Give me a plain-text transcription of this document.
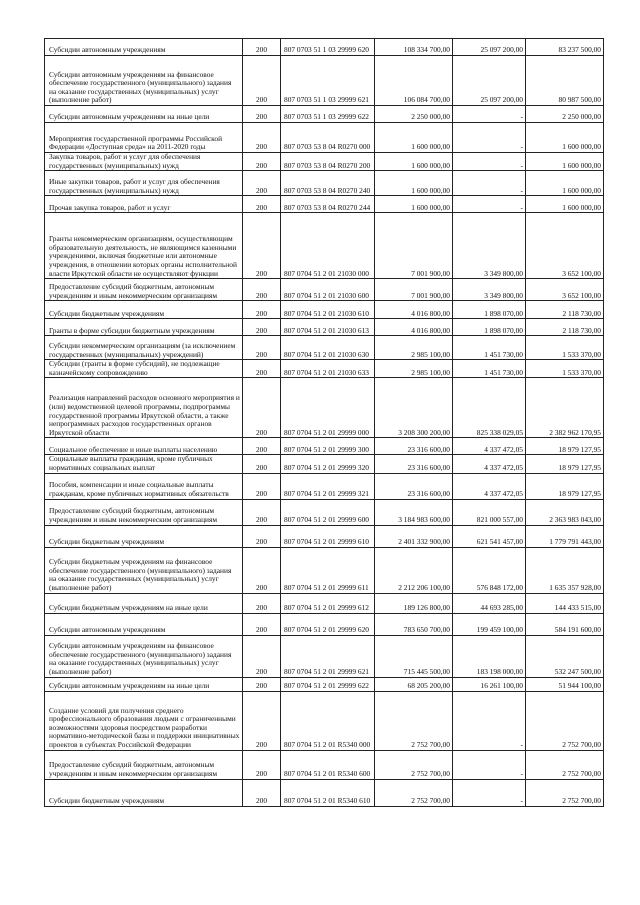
Субсидии автономным учреждениям	200	807 0703 51 1 03 29999 620	108 334 700,00	25 097 200,00	83 237 500,00
Субсидии автономным учреждениям на финансовое обеспечение государственного (муниципального) задания на оказание государственных (муниципальных) услуг (выполнение работ)	200	807 0703 51 1 03 29999 621	106 084 700,00	25 097 200,00	80 987 500,00
Субсидии автономным учреждениям на иные цели	200	807 0703 51 1 03 29999 622	2 250 000,00	-	2 250 000,00
Мероприятия государственной программы Российской Федерации «Доступная среда» на 2011-2020 годы	200	807 0703 53 8 04 R0270 000	1 600 000,00	-	1 600 000,00
Закупка товаров, работ и услуг для обеспечения государственных (муниципальных) нужд	200	807 0703 53 8 04 R0270 200	1 600 000,00	-	1 600 000,00
Иные закупки товаров, работ и услуг для обеспечения государственных (муниципальных) нужд	200	807 0703 53 8 04 R0270 240	1 600 000,00	-	1 600 000,00
Прочая закупка товаров, работ и услуг	200	807 0703 53 8 04 R0270 244	1 600 000,00	-	1 600 000,00
Гранты некоммерческим организациям, осуществляющим образовательную деятельность, не являющимся казенными учреждениями, включая бюджетные или автономные учреждения, в отношении которых органы исполнительной власти Иркутской области не осуществляют функции	200	807 0704 51 2 01 21030 000	7 001 900,00	3 349 800,00	3 652 100,00
Предоставление субсидий бюджетным, автономным учреждениям и иным некоммерческим организациям	200	807 0704 51 2 01 21030 600	7 001 900,00	3 349 800,00	3 652 100,00
Субсидии бюджетным учреждениям	200	807 0704 51 2 01 21030 610	4 016 800,00	1 898 070,00	2 118 730,00
Гранты в форме субсидии бюджетным учреждениям	200	807 0704 51 2 01 21030 613	4 016 800,00	1 898 070,00	2 118 730,00
Субсидии некоммерческим организациям (за исключением государственных (муниципальных) учреждений)	200	807 0704 51 2 01 21030 630	2 985 100,00	1 451 730,00	1 533 370,00
Субсидии (гранты в форме субсидий), не подлежащие казначейскому сопровождению	200	807 0704 51 2 01 21030 633	2 985 100,00	1 451 730,00	1 533 370,00
Реализация направлений расходов основного мероприятия и (или) ведомственной целевой программы, подпрограммы государственной программы Иркутской области, а также непрограммных расходов государственных органов Иркутской области	200	807 0704 51 2 01 29999 000	3 208 300 200,00	825 338 029,05	2 382 962 170,95
Социальное обеспечение и иные выплаты населению	200	807 0704 51 2 01 29999 300	23 316 600,00	4 337 472,05	18 979 127,95
Социальные выплаты гражданам, кроме публичных нормативных социальных выплат	200	807 0704 51 2 01 29999 320	23 316 600,00	4 337 472,05	18 979 127,95
Пособия, компенсации и иные социальные выплаты гражданам, кроме публичных нормативных обязательств	200	807 0704 51 2 01 29999 321	23 316 600,00	4 337 472,05	18 979 127,95
Предоставление субсидий бюджетным, автономным учреждениям и иным некоммерческим организациям	200	807 0704 51 2 01 29999 600	3 184 983 600,00	821 000 557,00	2 363 983 043,00
Субсидии бюджетным учреждениям	200	807 0704 51 2 01 29999 610	2 401 332 900,00	621 541 457,00	1 779 791 443,00
Субсидии бюджетным учреждениям на финансовое обеспечение государственного (муниципального) задания на оказание государственных (муниципальных) услуг (выполнение работ)	200	807 0704 51 2 01 29999 611	2 212 206 100,00	576 848 172,00	1 635 357 928,00
Субсидии бюджетным учреждениям на иные цели	200	807 0704 51 2 01 29999 612	189 126 800,00	44 693 285,00	144 433 515,00
Субсидии автономным учреждениям	200	807 0704 51 2 01 29999 620	783 650 700,00	199 459 100,00	584 191 600,00
Субсидии автономным учреждениям на финансовое обеспечение государственного (муниципального) задания на оказание государственных (муниципальных) услуг (выполнение работ)	200	807 0704 51 2 01 29999 621	715 445 500,00	183 198 000,00	532 247 500,00
Субсидии автономным учреждениям на иные цели	200	807 0704 51 2 01 29999 622	68 205 200,00	16 261 100,00	51 944 100,00
Создание условий для получения среднего профессионального образования людьми с ограниченными возможностями здоровья посредством разработки нормативно-методической базы и поддержки инициативных проектов в субъектах Российской Федерации	200	807 0704 51 2 01 R5340 000	2 752 700,00	-	2 752 700,00
Предоставление субсидий бюджетным, автономным учреждениям и иным некоммерческим организациям	200	807 0704 51 2 01 R5340 600	2 752 700,00	-	2 752 700,00
Субсидии бюджетным учреждениям	200	807 0704 51 2 01 R5340 610	2 752 700,00	-	2 752 700,00
